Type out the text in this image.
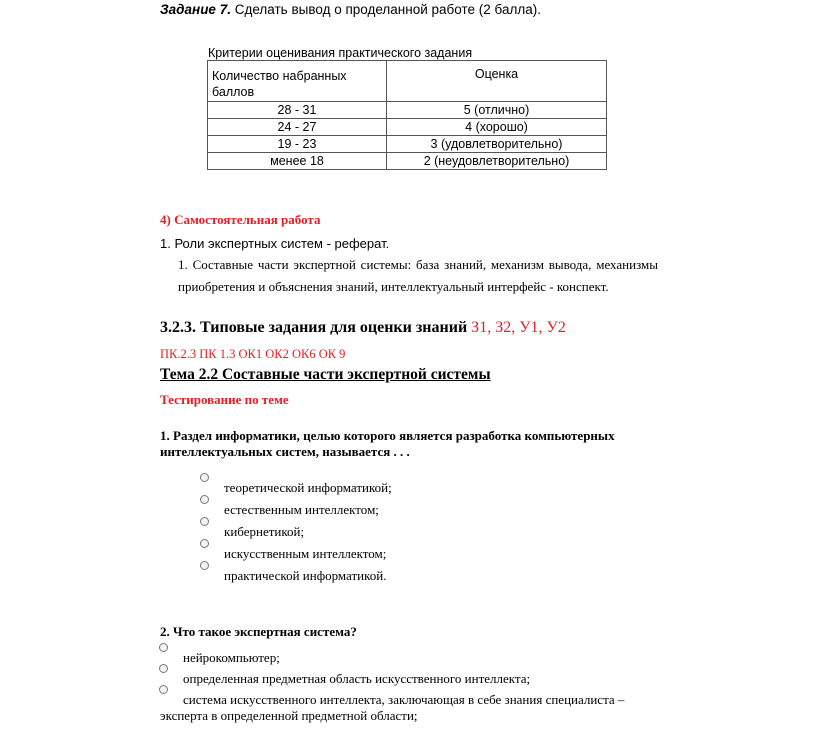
Задание 7. Сделать вывод о проделанной работе (2 балла).
Критерии оценивания практического задания
Количество набранных баллов	Оценка
28 - 31	5 (отлично)
24 - 27	4 (хорошо)
19 - 23	3 (удовлетворительно)
менее 18	2 (неудовлетворительно)
4) Самостоятельная работа
1. Роли экспертных систем - реферат.
1. Составные части экспертной системы: база знаний, механизм вывода, механизмы приобретения и объяснения знаний, интеллектуальный интерфейс - конспект.
3.2.3. Типовые задания для оценки знаний З1, З2, У1, У2
ПК.2.3 ПК 1.3 ОК1 ОК2 ОК6 ОК 9
Тема 2.2 Составные части экспертной системы
Тестирование по теме
1. Раздел информатики, целью которого является разработка компьютерных интеллектуальных систем, называется . . .
теоретической информатикой;
естественным интеллектом;
кибернетикой;
искусственным интеллектом;
практической информатикой.
2. Что такое экспертная система?
нейрокомпьютер;
определенная предметная область искусственного интеллекта;
система искусственного интеллекта, заключающая в себе знания специалиста –
эксперта в определенной предметной области;
